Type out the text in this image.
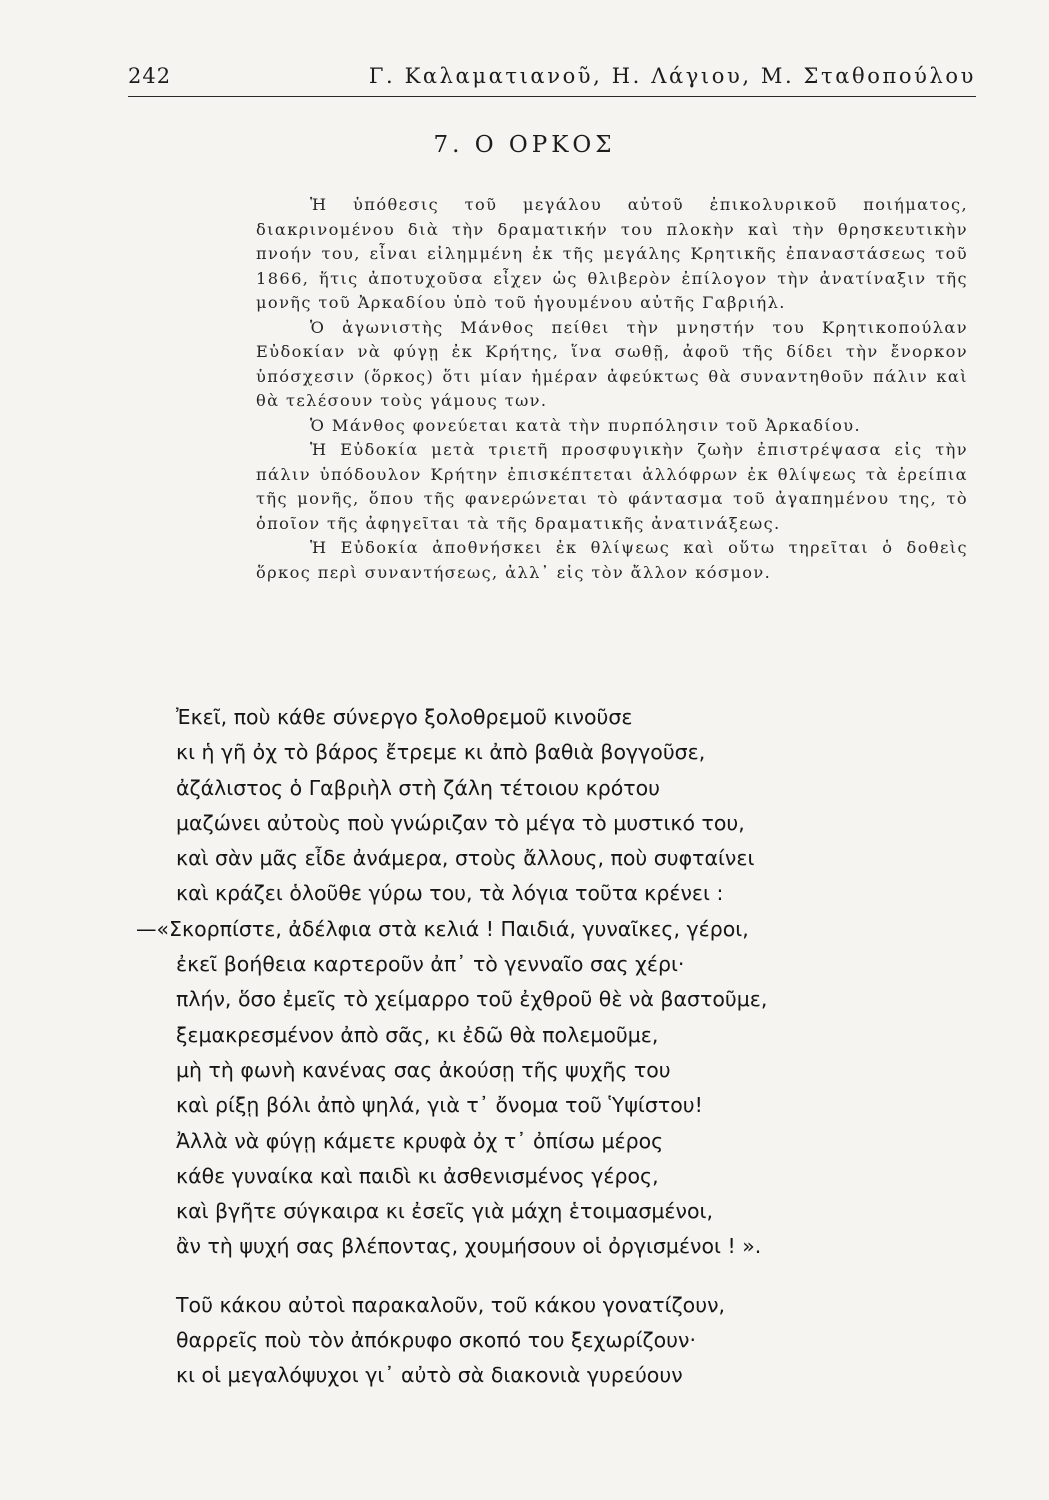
242	Γ. Καλαματιανοῦ, Η. Λάγιου, Μ. Σταθοπούλου
7. Ο ΟΡΚΟΣ

Ἡ ὑπόθεσις τοῦ μεγάλου αὐτοῦ ἐπικολυρικοῦ ποιήματος, διακρινομένου διὰ τὴν δραματικήν του πλοκὴν καὶ τὴν θρησκευτικὴν πνοήν του, εἶναι εἰλημμένη ἐκ τῆς μεγάλης Κρητικῆς ἐπαναστάσεως τοῦ 1866, ἥτις ἀποτυχοῦσα εἶχεν ὡς θλιβερὸν ἐπίλογον τὴν ἀνατίναξιν τῆς μονῆς τοῦ Ἀρκαδίου ὑπὸ τοῦ ἡγουμένου αὐτῆς Γαβριήλ.

Ὁ ἀγωνιστὴς Μάνθος πείθει τὴν μνηστήν του Κρητικοπούλαν Εὐδοκίαν νὰ φύγῃ ἐκ Κρήτης, ἵνα σωθῇ, ἀφοῦ τῆς δίδει τὴν ἔνορκον ὑπόσχεσιν (ὅρκος) ὅτι μίαν ἡμέραν ἀφεύκτως θὰ συναντηθοῦν πάλιν καὶ θὰ τελέσουν τοὺς γάμους των.

Ὁ Μάνθος φονεύεται κατὰ τὴν πυρπόλησιν τοῦ Ἀρκαδίου.

Ἡ Εὐδοκία μετὰ τριετῆ προσφυγικὴν ζωὴν ἐπιστρέψασα εἰς τὴν πάλιν ὑπόδουλον Κρήτην ἐπισκέπτεται ἀλλόφρων ἐκ θλίψεως τὰ ἐρείπια τῆς μονῆς, ὅπου τῆς φανερώνεται τὸ φάντασμα τοῦ ἀγαπημένου της, τὸ ὁποῖον τῆς ἀφηγεῖται τὰ τῆς δραματικῆς ἀνατινάξεως.

Ἡ Εὐδοκία ἀποθνήσκει ἐκ θλίψεως καὶ οὕτω τηρεῖται ὁ δοθεὶς ὅρκος περὶ συναντήσεως, ἀλλ᾽ εἰς τὸν ἄλλον κόσμον.

Ἐκεῖ, ποὺ κάθε σύνεργο ξολοθρεμοῦ κινοῦσε
κι ἡ γῆ ὀχ τὸ βάρος ἔτρεμε κι ἀπὸ βαθιὰ βογγοῦσε,
ἀζάλιστος ὁ Γαβριὴλ στὴ ζάλη τέτοιου κρότου
μαζώνει αὐτοὺς ποὺ γνώριζαν τὸ μέγα τὸ μυστικό του,
καὶ σὰν μᾶς εἶδε ἀνάμερα, στοὺς ἄλλους, ποὺ συφταίνει
καὶ κράζει ὁλοῦθε γύρω του, τὰ λόγια τοῦτα κρένει :
—«Σκορπίστε, ἀδέλφια στὰ κελιά ! Παιδιά, γυναῖκες, γέροι,
ἐκεῖ βοήθεια καρτεροῦν ἀπ᾽ τὸ γενναῖο σας χέρι·
πλήν, ὅσο ἐμεῖς τὸ χείμαρρο τοῦ ἐχθροῦ θὲ νὰ βαστοῦμε,
ξεμακρεσμένον ἀπὸ σᾶς, κι ἐδῶ θὰ πολεμοῦμε,
μὴ τὴ φωνὴ κανένας σας ἀκούσῃ τῆς ψυχῆς του
καὶ ρίξῃ βόλι ἀπὸ ψηλά, γιὰ τ᾽ ὄνομα τοῦ Ὑψίστου!
Ἀλλὰ νὰ φύγῃ κάμετε κρυφὰ ὀχ τ᾽ ὀπίσω μέρος
κάθε γυναίκα καὶ παιδὶ κι ἀσθενισμένος γέρος,
καὶ βγῆτε σύγκαιρα κι ἐσεῖς γιὰ μάχη ἑτοιμασμένοι,
ἂν τὴ ψυχή σας βλέποντας, χουμήσουν οἱ ὀργισμένοι ! ».
Τοῦ κάκου αὐτοὶ παρακαλοῦν, τοῦ κάκου γονατίζουν,
θαρρεῖς ποὺ τὸν ἀπόκρυφο σκοπό του ξεχωρίζουν·
κι οἱ μεγαλόψυχοι γι᾽ αὐτὸ σὰ διακονιὰ γυρεύουν
